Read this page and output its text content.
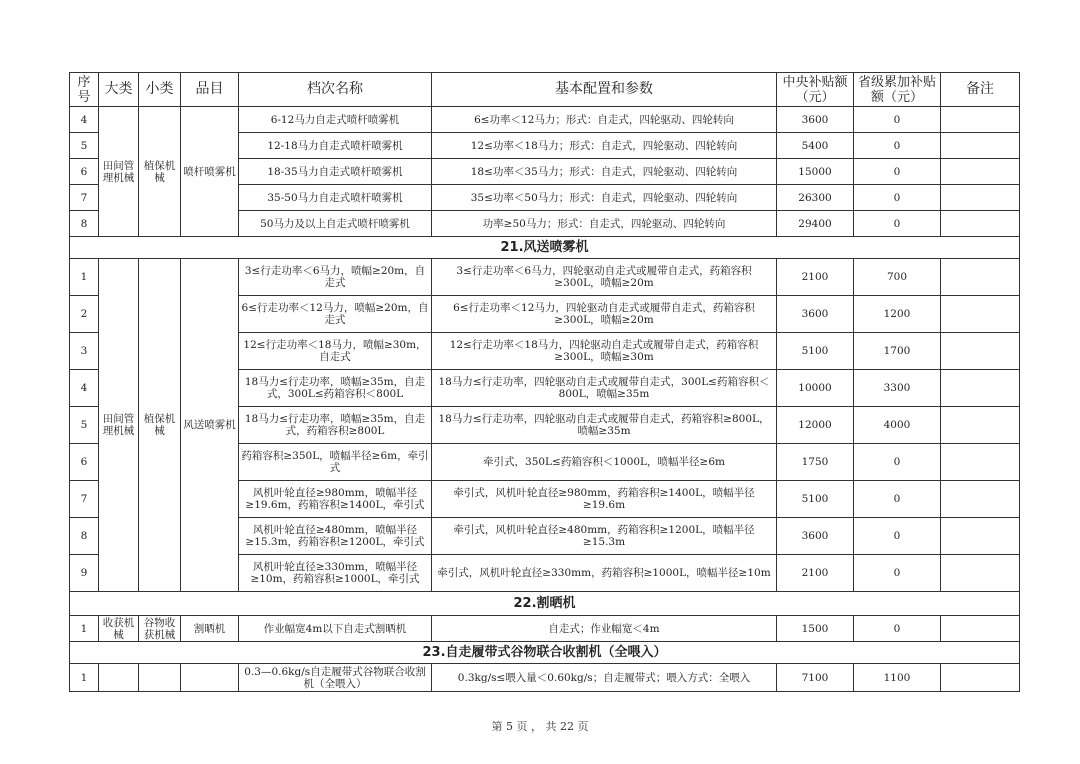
序号	大类	小类	品目	档次名称	基本配置和参数	中央补贴额（元）	省级累加补贴额（元）	备注
4	田间管理机械	植保机械	喷杆喷雾机	6-12马力自走式喷杆喷雾机	6≤功率＜12马力；形式：自走式，四轮驱动、四轮转向	3600	0	
5				12-18马力自走式喷杆喷雾机	12≤功率＜18马力；形式：自走式，四轮驱动、四轮转向	5400	0	
6				18-35马力自走式喷杆喷雾机	18≤功率＜35马力；形式：自走式，四轮驱动、四轮转向	15000	0	
7				35-50马力自走式喷杆喷雾机	35≤功率＜50马力；形式：自走式，四轮驱动、四轮转向	26300	0	
8				50马力及以上自走式喷杆喷雾机	功率≥50马力；形式：自走式，四轮驱动、四轮转向	29400	0	
21.风送喷雾机								
1	田间管理机械	植保机械	风送喷雾机	3≤行走功率＜6马力，喷幅≥20m，自走式	3≤行走功率＜6马力，四轮驱动自走式或履带自走式，药箱容积≥300L，喷幅≥20m	2100	700	
2				6≤行走功率＜12马力，喷幅≥20m，自走式	6≤行走功率＜12马力，四轮驱动自走式或履带自走式，药箱容积≥300L，喷幅≥20m	3600	1200	
3				12≤行走功率＜18马力，喷幅≥30m，自走式	12≤行走功率＜18马力，四轮驱动自走式或履带自走式，药箱容积≥300L，喷幅≥30m	5100	1700	
4				18马力≤行走功率，喷幅≥35m，自走式，300L≤药箱容积＜800L	18马力≤行走功率，四轮驱动自走式或履带自走式，300L≤药箱容积＜800L，喷幅≥35m	10000	3300	
5				18马力≤行走功率，喷幅≥35m，自走式，药箱容积≥800L	18马力≤行走功率，四轮驱动自走式或履带自走式，药箱容积≥800L，喷幅≥35m	12000	4000	
6				药箱容积≥350L，喷幅半径≥6m，牵引式	牵引式，350L≤药箱容积＜1000L，喷幅半径≥6m	1750	0	
7				风机叶轮直径≥980mm，喷幅半径≥19.6m，药箱容积≥1400L，牵引式	牵引式，风机叶轮直径≥980mm，药箱容积≥1400L，喷幅半径≥19.6m	5100	0	
8				风机叶轮直径≥480mm，喷幅半径≥15.3m，药箱容积≥1200L，牵引式	牵引式，风机叶轮直径≥480mm，药箱容积≥1200L，喷幅半径≥15.3m	3600	0	
9				风机叶轮直径≥330mm，喷幅半径≥10m，药箱容积≥1000L，牵引式	牵引式，风机叶轮直径≥330mm，药箱容积≥1000L，喷幅半径≥10m	2100	0	
22.割晒机								
1	收获机械	谷物收获机械	割晒机	作业幅宽4m以下自走式割晒机	自走式；作业幅宽＜4m	1500	0	
23.自走履带式谷物联合收割机（全喂入）								
1				0.3—0.6kg/s自走履带式谷物联合收割机（全喂入）	0.3kg/s≤喂入量＜0.60kg/s；自走履带式；喂入方式：全喂入	7100	1100	
第 5 页 ， 共 22 页
